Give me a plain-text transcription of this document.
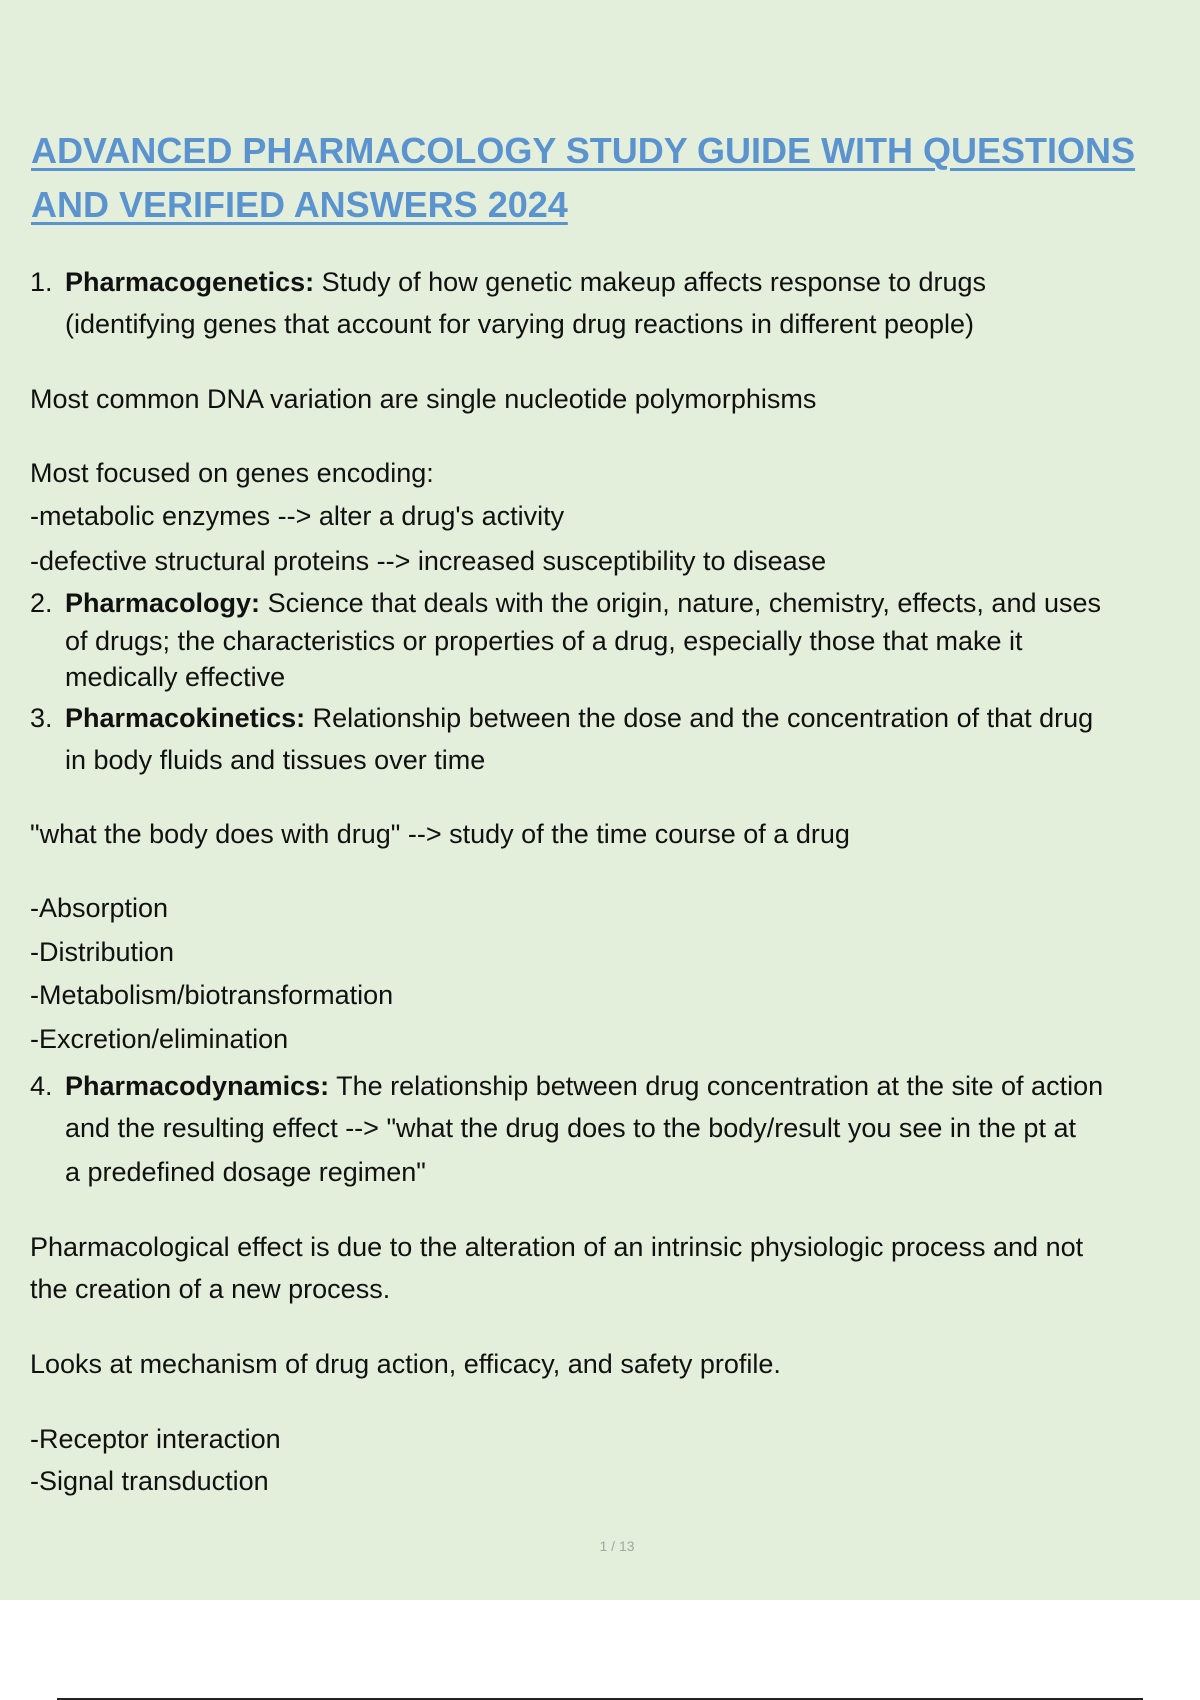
ADVANCED PHARMACOLOGY STUDY GUIDE WITH QUESTIONS
AND VERIFIED ANSWERS 2024
1. Pharmacogenetics: Study of how genetic makeup affects response to drugs
(identifying genes that account for varying drug reactions in different people)
Most common DNA variation are single nucleotide polymorphisms
Most focused on genes encoding:
-metabolic enzymes --> alter a drug's activity
-defective structural proteins --> increased susceptibility to disease
2. Pharmacology: Science that deals with the origin, nature, chemistry, effects, and uses
of drugs; the characteristics or properties of a drug, especially those that make it
medically effective
3. Pharmacokinetics: Relationship between the dose and the concentration of that drug
in body fluids and tissues over time
"what the body does with drug" --> study of the time course of a drug
-Absorption
-Distribution
-Metabolism/biotransformation
-Excretion/elimination
4. Pharmacodynamics: The relationship between drug concentration at the site of action
and the resulting effect --> "what the drug does to the body/result you see in the pt at
a predefined dosage regimen"
Pharmacological effect is due to the alteration of an intrinsic physiologic process and not
the creation of a new process.
Looks at mechanism of drug action, efficacy, and safety profile.
-Receptor interaction
-Signal transduction
1 / 13
